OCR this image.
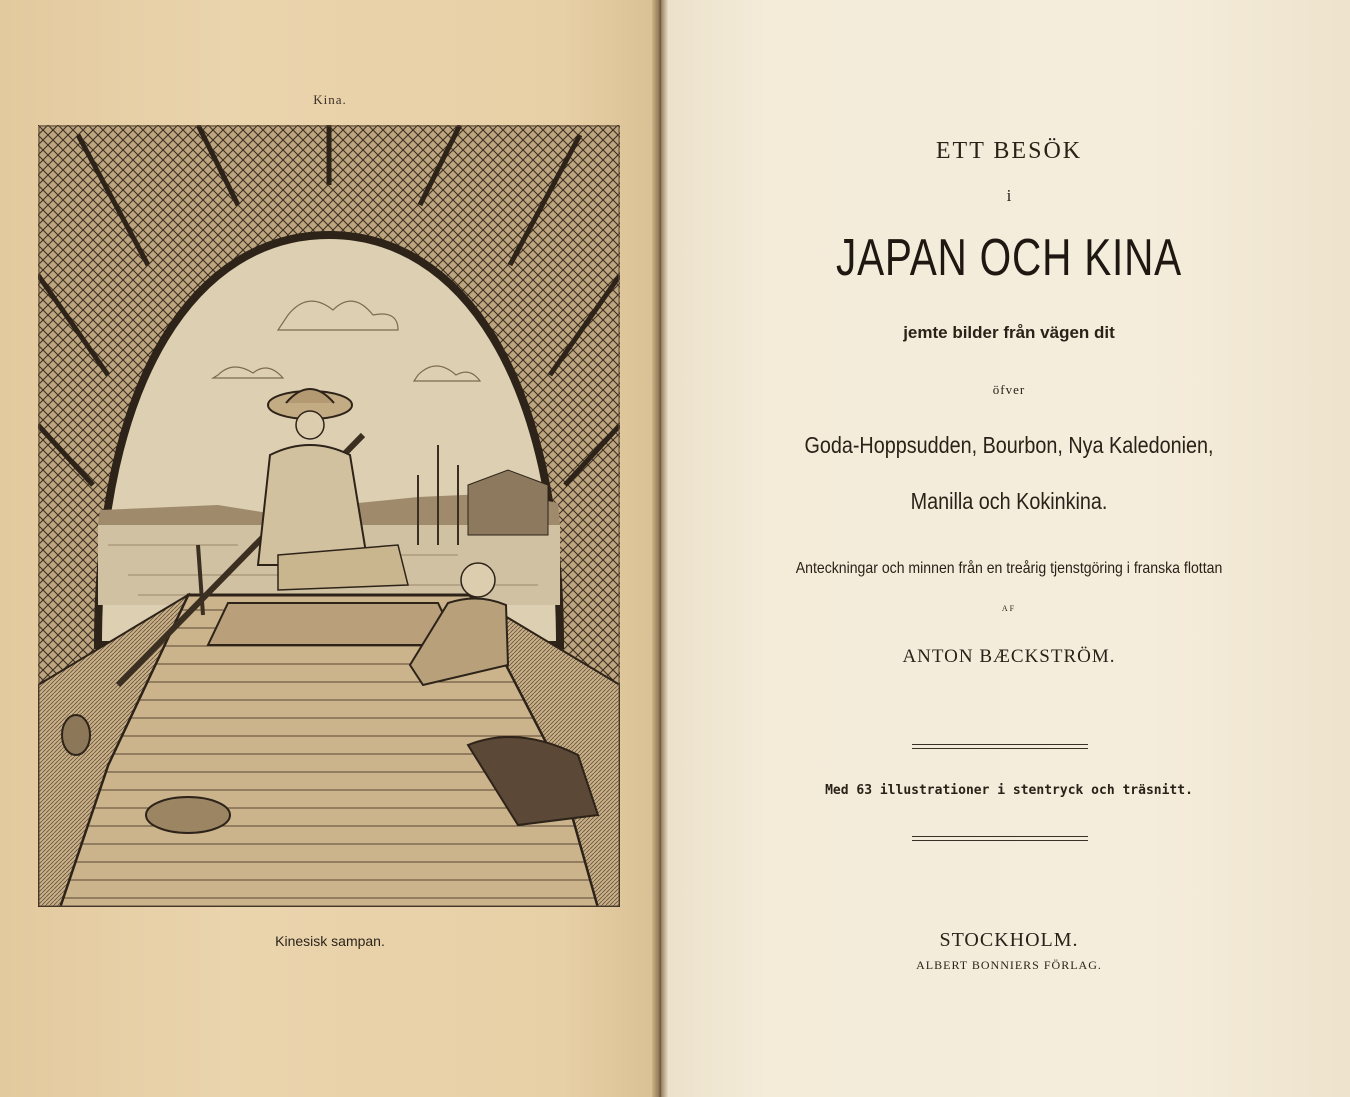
Kina.
Kinesisk sampan.
ETT BESÖK
i
JAPAN OCH KINA
jemte bilder från vägen dit
öfver
Goda-Hoppsudden, Bourbon, Nya Kaledonien,
Manilla och Kokinkina.
Anteckningar och minnen från en treårig tjenstgöring i franska flottan
AF
ANTON BÆCKSTRÖM.
Med 63 illustrationer i stentryck och träsnitt.
STOCKHOLM.
ALBERT BONNIERS FÖRLAG.
